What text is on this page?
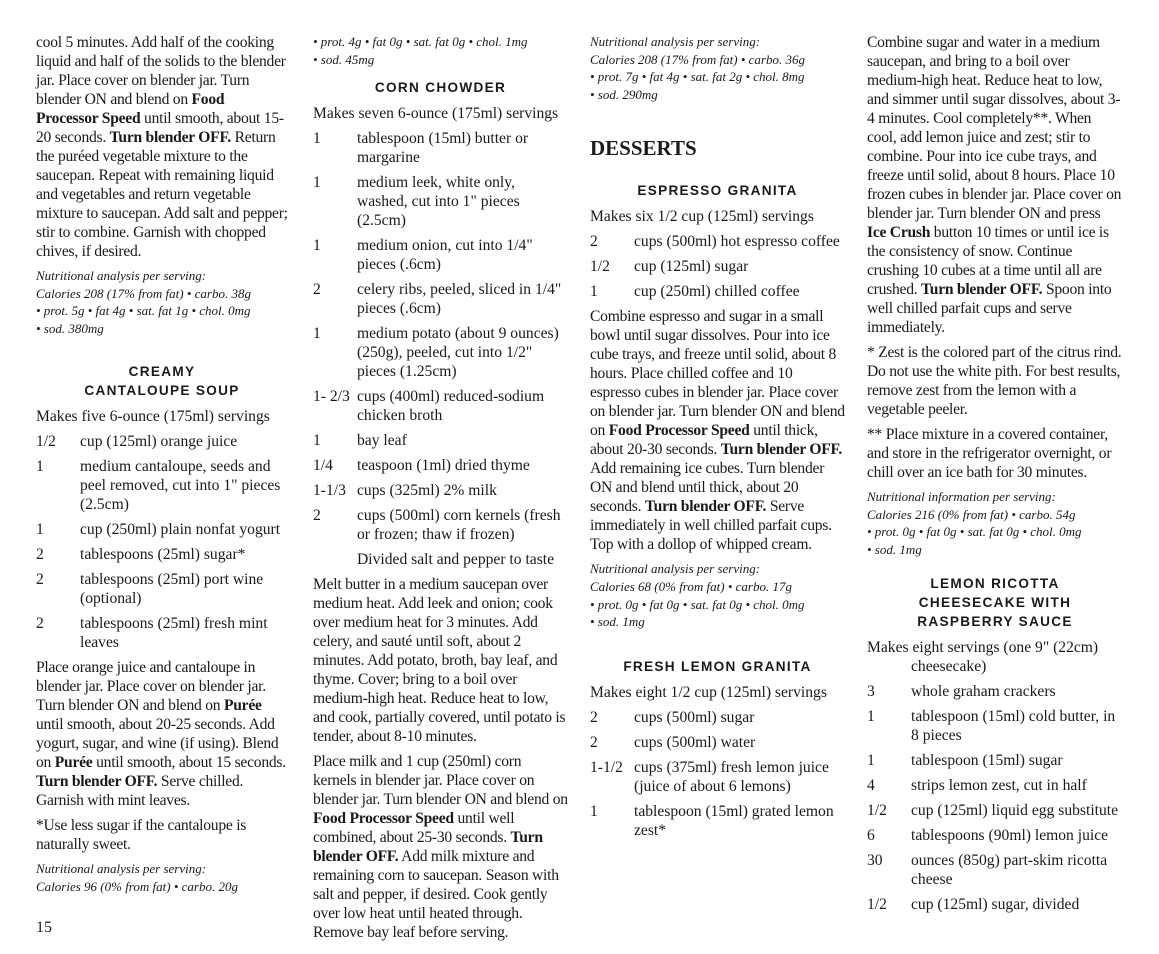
cool 5 minutes. Add half of the cooking liquid and half of the solids to the blender jar. Place cover on blender jar. Turn blender ON and blend on Food Processor Speed until smooth, about 15-20 seconds. Turn blender OFF. Return the puréed vegetable mixture to the saucepan. Repeat with remaining liquid and vegetables and return vegetable mixture to saucepan. Add salt and pepper; stir to combine. Garnish with chopped chives, if desired.

Nutritional analysis per serving:
Calories 208 (17% from fat) • carbo. 38g
• prot. 5g • fat 4g • sat. fat 1g • chol. 0mg
• sod. 380mg
CREAMY
CANTALOUPE SOUP

Makes five 6-ounce (175ml) servings

1/2	cup (125ml) orange juice
1	medium cantaloupe, seeds and peel removed, cut into 1" pieces (2.5cm)
1	cup (250ml) plain nonfat yogurt
2	tablespoons (25ml) sugar*
2	tablespoons (25ml) port wine (optional)
2	tablespoons (25ml) fresh mint leaves

Place orange juice and cantaloupe in blender jar. Place cover on blender jar. Turn blender ON and blend on Purée until smooth, about 20-25 seconds. Add yogurt, sugar, and wine (if using). Blend on Purée until smooth, about 15 seconds. Turn blender OFF. Serve chilled. Garnish with mint leaves.

*Use less sugar if the cantaloupe is naturally sweet.

Nutritional analysis per serving:
Calories 96 (0% from fat) • carbo. 20g
• prot. 4g • fat 0g • sat. fat 0g • chol. 1mg
• sod. 45mg
CORN CHOWDER

Makes seven 6-ounce (175ml) servings

1	tablespoon (15ml) butter or margarine
1	medium leek, white only, washed, cut into 1" pieces (2.5cm)
1	medium onion, cut into 1/4" pieces (.6cm)
2	celery ribs, peeled, sliced in 1/4" pieces (.6cm)
1	medium potato (about 9 ounces) (250g), peeled, cut into 1/2" pieces (1.25cm)
1- 2/3 cups (400ml) reduced-sodium chicken broth
1	bay leaf
1/4	teaspoon (1ml) dried thyme
1-1/3 cups (325ml) 2% milk
2	cups (500ml) corn kernels (fresh or frozen; thaw if frozen)
Divided salt and pepper to taste

Melt butter in a medium saucepan over medium heat. Add leek and onion; cook over medium heat for 3 minutes. Add celery, and sauté until soft, about 2 minutes. Add potato, broth, bay leaf, and thyme. Cover; bring to a boil over medium-high heat. Reduce heat to low, and cook, partially covered, until potato is tender, about 8-10 minutes.

Place milk and 1 cup (250ml) corn kernels in blender jar. Place cover on blender jar. Turn blender ON and blend on Food Processor Speed until well combined, about 25-30 seconds. Turn blender OFF. Add milk mixture and remaining corn to saucepan. Season with salt and pepper, if desired. Cook gently over low heat until heated through. Remove bay leaf before serving.

Nutritional analysis per serving:
Calories 208 (17% from fat) • carbo. 36g
• prot. 7g • fat 4g • sat. fat 2g • chol. 8mg
• sod. 290mg
DESSERTS
ESPRESSO GRANITA

Makes six 1/2 cup (125ml) servings

2	cups (500ml) hot espresso coffee
1/2	cup (125ml) sugar
1	cup (250ml) chilled coffee

Combine espresso and sugar in a small bowl until sugar dissolves. Pour into ice cube trays, and freeze until solid, about 8 hours. Place chilled coffee and 10 espresso cubes in blender jar. Place cover on blender jar. Turn blender ON and blend on Food Processor Speed until thick, about 20-30 seconds. Turn blender OFF. Add remaining ice cubes. Turn blender ON and blend until thick, about 20 seconds. Turn blender OFF. Serve immediately in well chilled parfait cups. Top with a dollop of whipped cream.

Nutritional analysis per serving:
Calories 68 (0% from fat) • carbo. 17g
• prot. 0g • fat 0g • sat. fat 0g • chol. 0mg
• sod. 1mg
FRESH LEMON GRANITA

Makes eight 1/2 cup (125ml) servings

2	cups (500ml) sugar
2	cups (500ml) water
1-1/2 cups (375ml) fresh lemon juice (juice of about 6 lemons)
1	tablespoon (15ml) grated lemon zest*

Combine sugar and water in a medium saucepan, and bring to a boil over medium-high heat. Reduce heat to low, and simmer until sugar dissolves, about 3-4 minutes. Cool completely**. When cool, add lemon juice and zest; stir to combine. Pour into ice cube trays, and freeze until solid, about 8 hours. Place 10 frozen cubes in blender jar. Place cover on blender jar. Turn blender ON and press Ice Crush button 10 times or until ice is the consistency of snow. Continue crushing 10 cubes at a time until all are crushed. Turn blender OFF. Spoon into well chilled parfait cups and serve immediately.

* Zest is the colored part of the citrus rind. Do not use the white pith. For best results, remove zest from the lemon with a vegetable peeler.

** Place mixture in a covered container, and store in the refrigerator overnight, or chill over an ice bath for 30 minutes.

Nutritional information per serving:
Calories 216 (0% from fat) • carbo. 54g
• prot. 0g • fat 0g • sat. fat 0g • chol. 0mg
• sod. 1mg
LEMON RICOTTA
CHEESECAKE WITH
RASPBERRY SAUCE

Makes eight servings (one 9" (22cm) cheesecake)

3	whole graham crackers
1	tablespoon (15ml) cold butter, in 8 pieces
1	tablespoon (15ml) sugar
4	strips lemon zest, cut in half
1/2	cup (125ml) liquid egg substitute
6	tablespoons (90ml) lemon juice
30	ounces (850g) part-skim ricotta cheese
1/2	cup (125ml) sugar, divided
15
